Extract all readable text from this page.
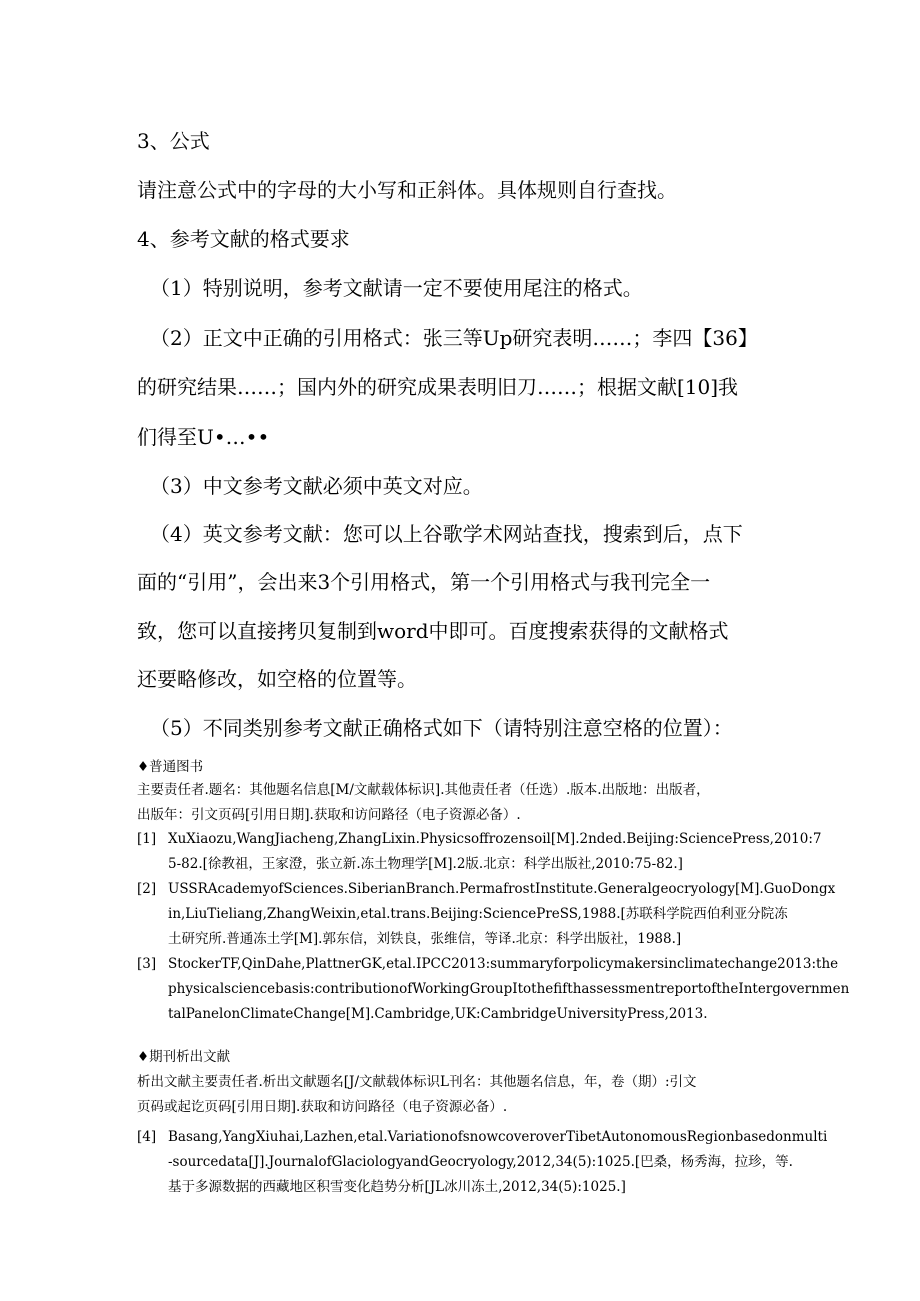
3、公式
请注意公式中的字母的大小写和正斜体。具体规则自行查找。
4、参考文献的格式要求
（1）特别说明，参考文献请一定不要使用尾注的格式。
（2）正文中正确的引用格式：张三等Up研究表明……；李四【36】
的研究结果……；国内外的研究成果表明旧刀……；根据文献[10]我
们得至U•…••
（3）中文参考文献必须中英文对应。
（4）英文参考文献：您可以上谷歌学术网站查找，搜索到后，点下
面的“引用”，会出来3个引用格式，第一个引用格式与我刊完全一
致，您可以直接拷贝复制到word中即可。百度搜索获得的文献格式
还要略修改，如空格的位置等。
（5）不同类别参考文献正确格式如下（请特别注意空格的位置）：
♦普通图书
主要责任者.题名：其他题名信息[M/文献载体标识].其他责任者（任选）.版本.出版地：出版者，
出版年：引文页码[引用日期].获取和访问路径（电子资源必备）.
[1] XuXiaozu,WangJiacheng,ZhangLixin.Physicsoffrozensoil[M].2nded.Beijing:SciencePress,2010:7
5-82.[徐教祖，王家澄，张立新.冻土物理学[M].2版.北京：科学出版社,2010:75-82.]
[2] USSRAcademyofSciences.SiberianBranch.PermafrostInstitute.Generalgeocryology[M].GuoDongx
in,LiuTieliang,ZhangWeixin,etal.trans.Beijing:SciencePreSS,1988.[苏联科学院西伯利亚分院冻
土研究所.普通冻土学[M].郭东信，刘铁良，张维信，等译.北京：科学出版社，1988.]
[3] StockerTF,QinDahe,PlattnerGK,etal.IPCC2013:summaryforpolicymakersinclimatechange2013:the
physicalsciencebasis:contributionofWorkingGroupItothefifthassessmentreportoftheIntergovernmen
talPanelonClimateChange[M].Cambridge,UK:CambridgeUniversityPress,2013.
♦期刊析出文献
析出文献主要责任者.析出文献题名[J/文献载体标识L刊名：其他题名信息，年，卷（期）:引文
页码或起讫页码[引用日期].获取和访问路径（电子资源必备）.
[4] Basang,YangXiuhai,Lazhen,etal.VariationofsnowcoveroverTibetAutonomousRegionbasedonmulti
-sourcedata[J].JournalofGlaciologyandGeocryology,2012,34(5):1025.[巴桑，杨秀海，拉珍，等.
基于多源数据的西藏地区积雪变化趋势分析[JL冰川冻土,2012,34(5):1025.]
